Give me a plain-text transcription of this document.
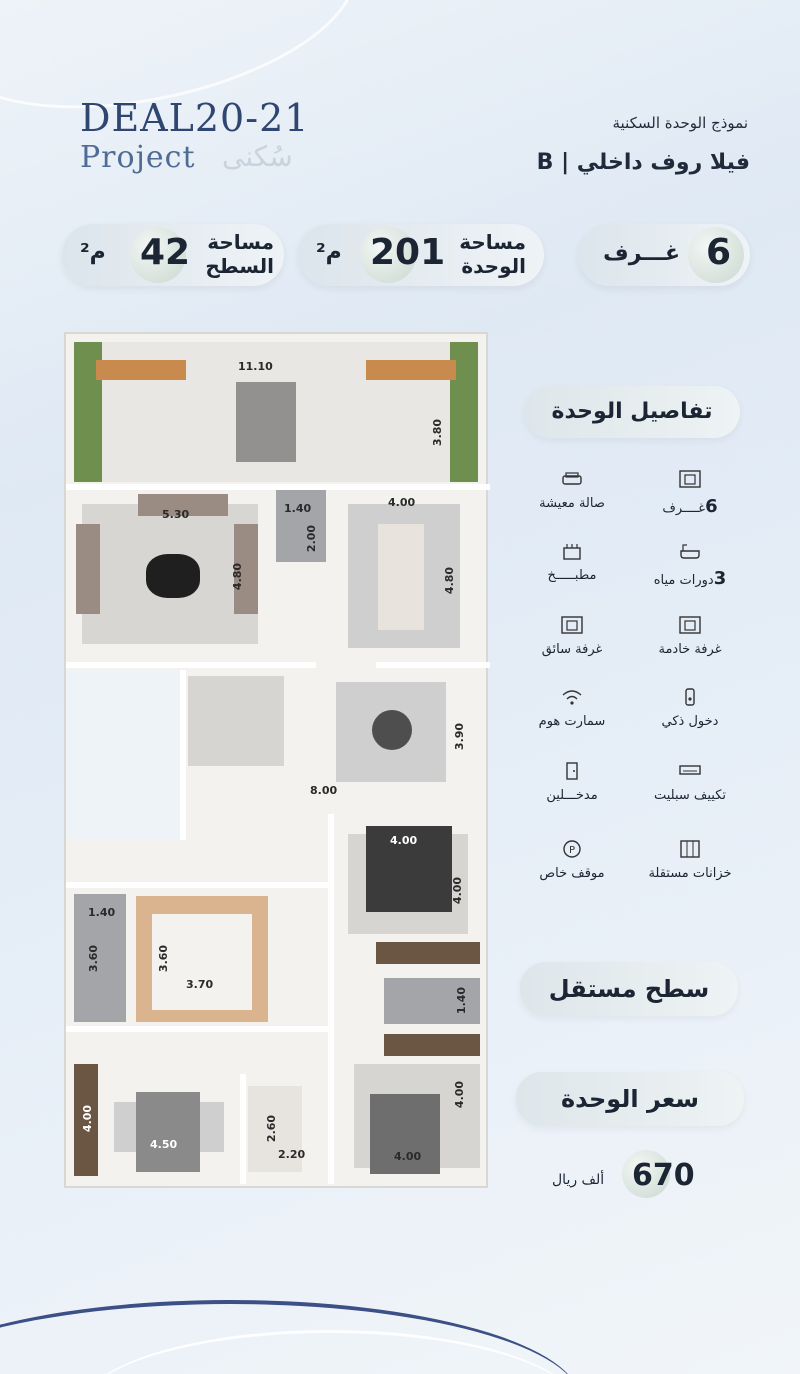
DEAL20-21
Project سُكنى
نموذج الوحدة السكنية
فيلا روف داخلي | B
6
غـــرف
مساحة
الوحدة
201
م²
مساحة
السطح
42
م²
11.10
3.80
5.30
4.80
1.40
2.00
4.00
4.80
3.90
8.00
4.00
4.00
1.40
3.60	3.60
3.70
1.40
4.00
4.50
2.60
2.20	4.00
4.00
تفاصيل الوحدة
6غــــرف
صالة معيشة
3دورات مياه
مطبـــــخ
غرفة خادمة
غرفة سائق
دخول ذكي
سمارت هوم
تكييف سبليت
مدخـــلين
خزانات مستقلة
P
موقف خاص
سطح مستقل
سعر الوحدة
670
ألف ريال
